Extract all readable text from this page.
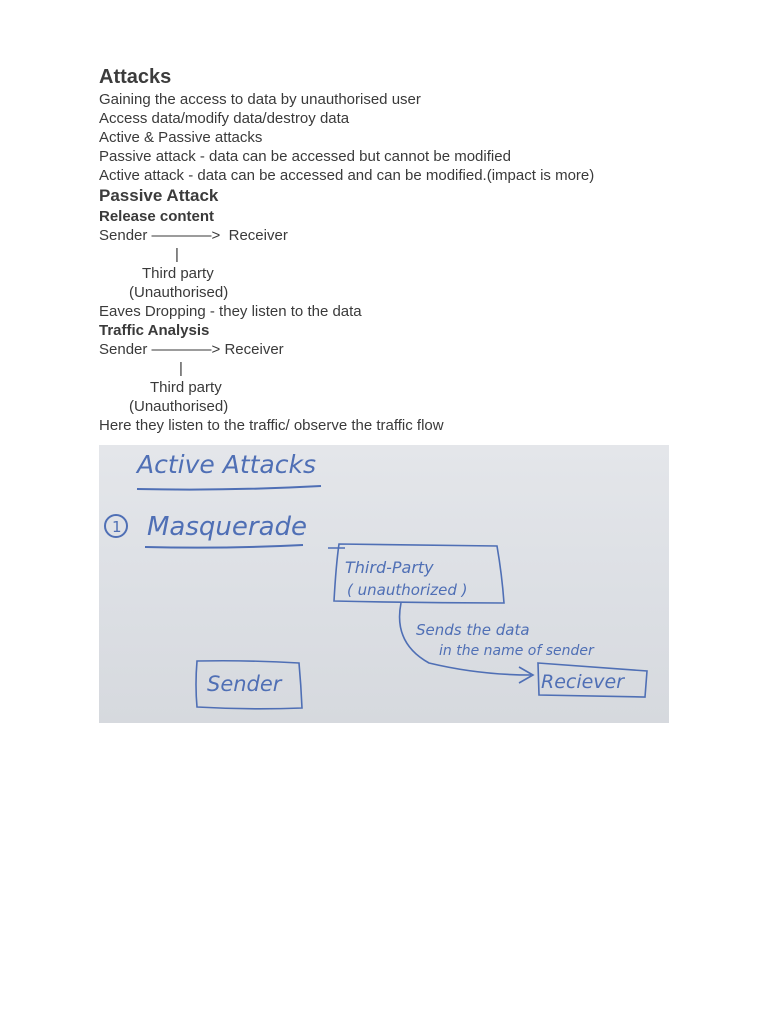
Attacks
Gaining the access to data by unauthorised user
Access data/modify data/destroy data
Active & Passive attacks
Passive attack - data can be accessed but cannot be modified
Active attack - data can be accessed and can be modified.(impact is more)
Passive Attack
Release content
Sender ————>  Receiver
|
Third party
(Unauthorised)
Eaves Dropping - they listen to the data
Traffic Analysis
Sender ————> Receiver
|
Third party
(Unauthorised)
Here they listen to the traffic/ observe the traffic flow
Active Attacks
1 Masquerade
Third-Party
( unauthorized )
Sends the data
in the name of sender
Reciever
Sender
